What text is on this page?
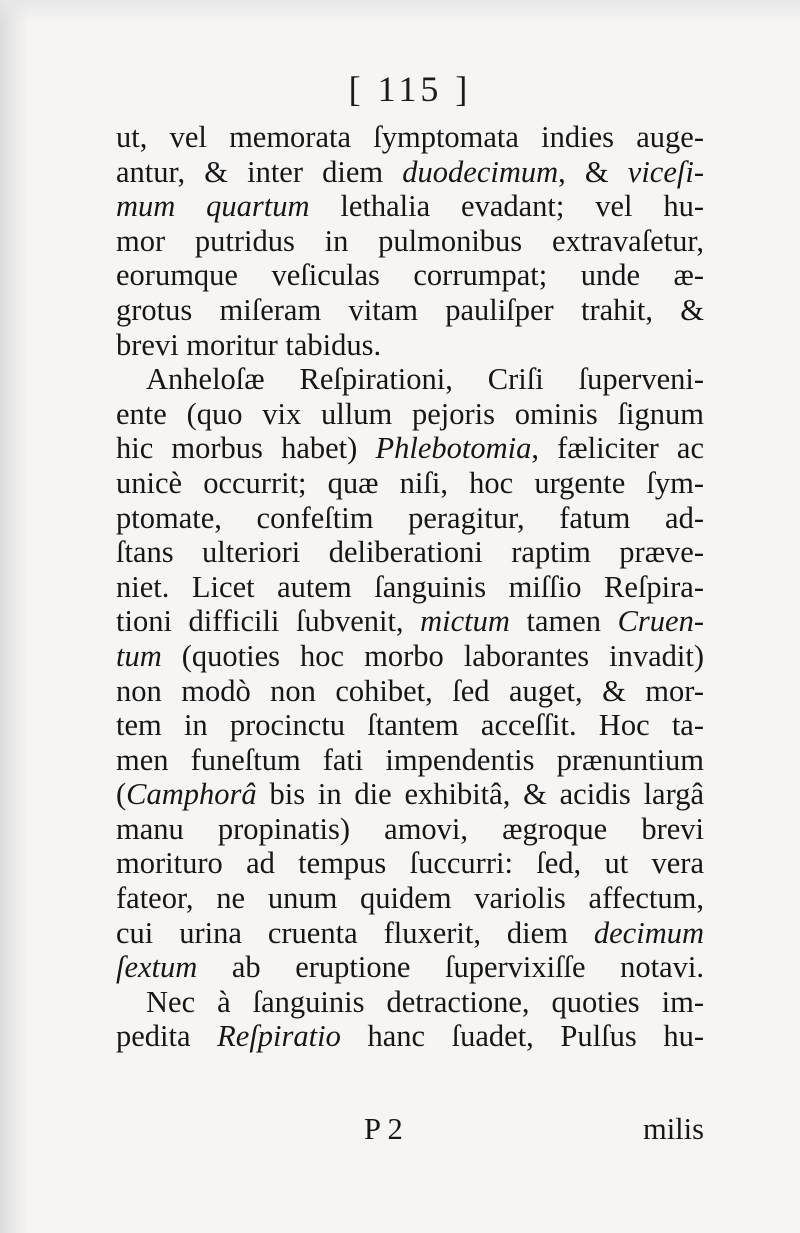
[ 115 ]
ut, vel memorata ſymptomata indies auge-
antur, & inter diem duodecimum, & viceſi-
mum quartum lethalia evadant; vel hu-
mor putridus in pulmonibus extravaſetur,
eorumque veſiculas corrumpat; unde æ-
grotus miſeram vitam pauliſper trahit, &
brevi moritur tabidus.
Anheloſæ Reſpirationi, Criſi ſuperveni-
ente (quo vix ullum pejoris ominis ſignum
hic morbus habet) Phlebotomia, fæliciter ac
unicè occurrit; quæ niſi, hoc urgente ſym-
ptomate, confeſtim peragitur, fatum ad-
ſtans ulteriori deliberationi raptim præve-
niet. Licet autem ſanguinis miſſio Reſpira-
tioni difficili ſubvenit, mictum tamen Cruen-
tum (quoties hoc morbo laborantes invadit)
non modò non cohibet, ſed auget, & mor-
tem in procinctu ſtantem acceſſit. Hoc ta-
men funeſtum fati impendentis prænuntium
(Camphorâ bis in die exhibitâ, & acidis largâ
manu propinatis) amovi, ægroque brevi
morituro ad tempus ſuccurri: ſed, ut vera
fateor, ne unum quidem variolis affectum,
cui urina cruenta fluxerit, diem decimum
ſextum ab eruptione ſupervixiſſe notavi.
Nec à ſanguinis detractione, quoties im-
pedita Reſpiratio hanc ſuadet, Pulſus hu-
P 2	milis
